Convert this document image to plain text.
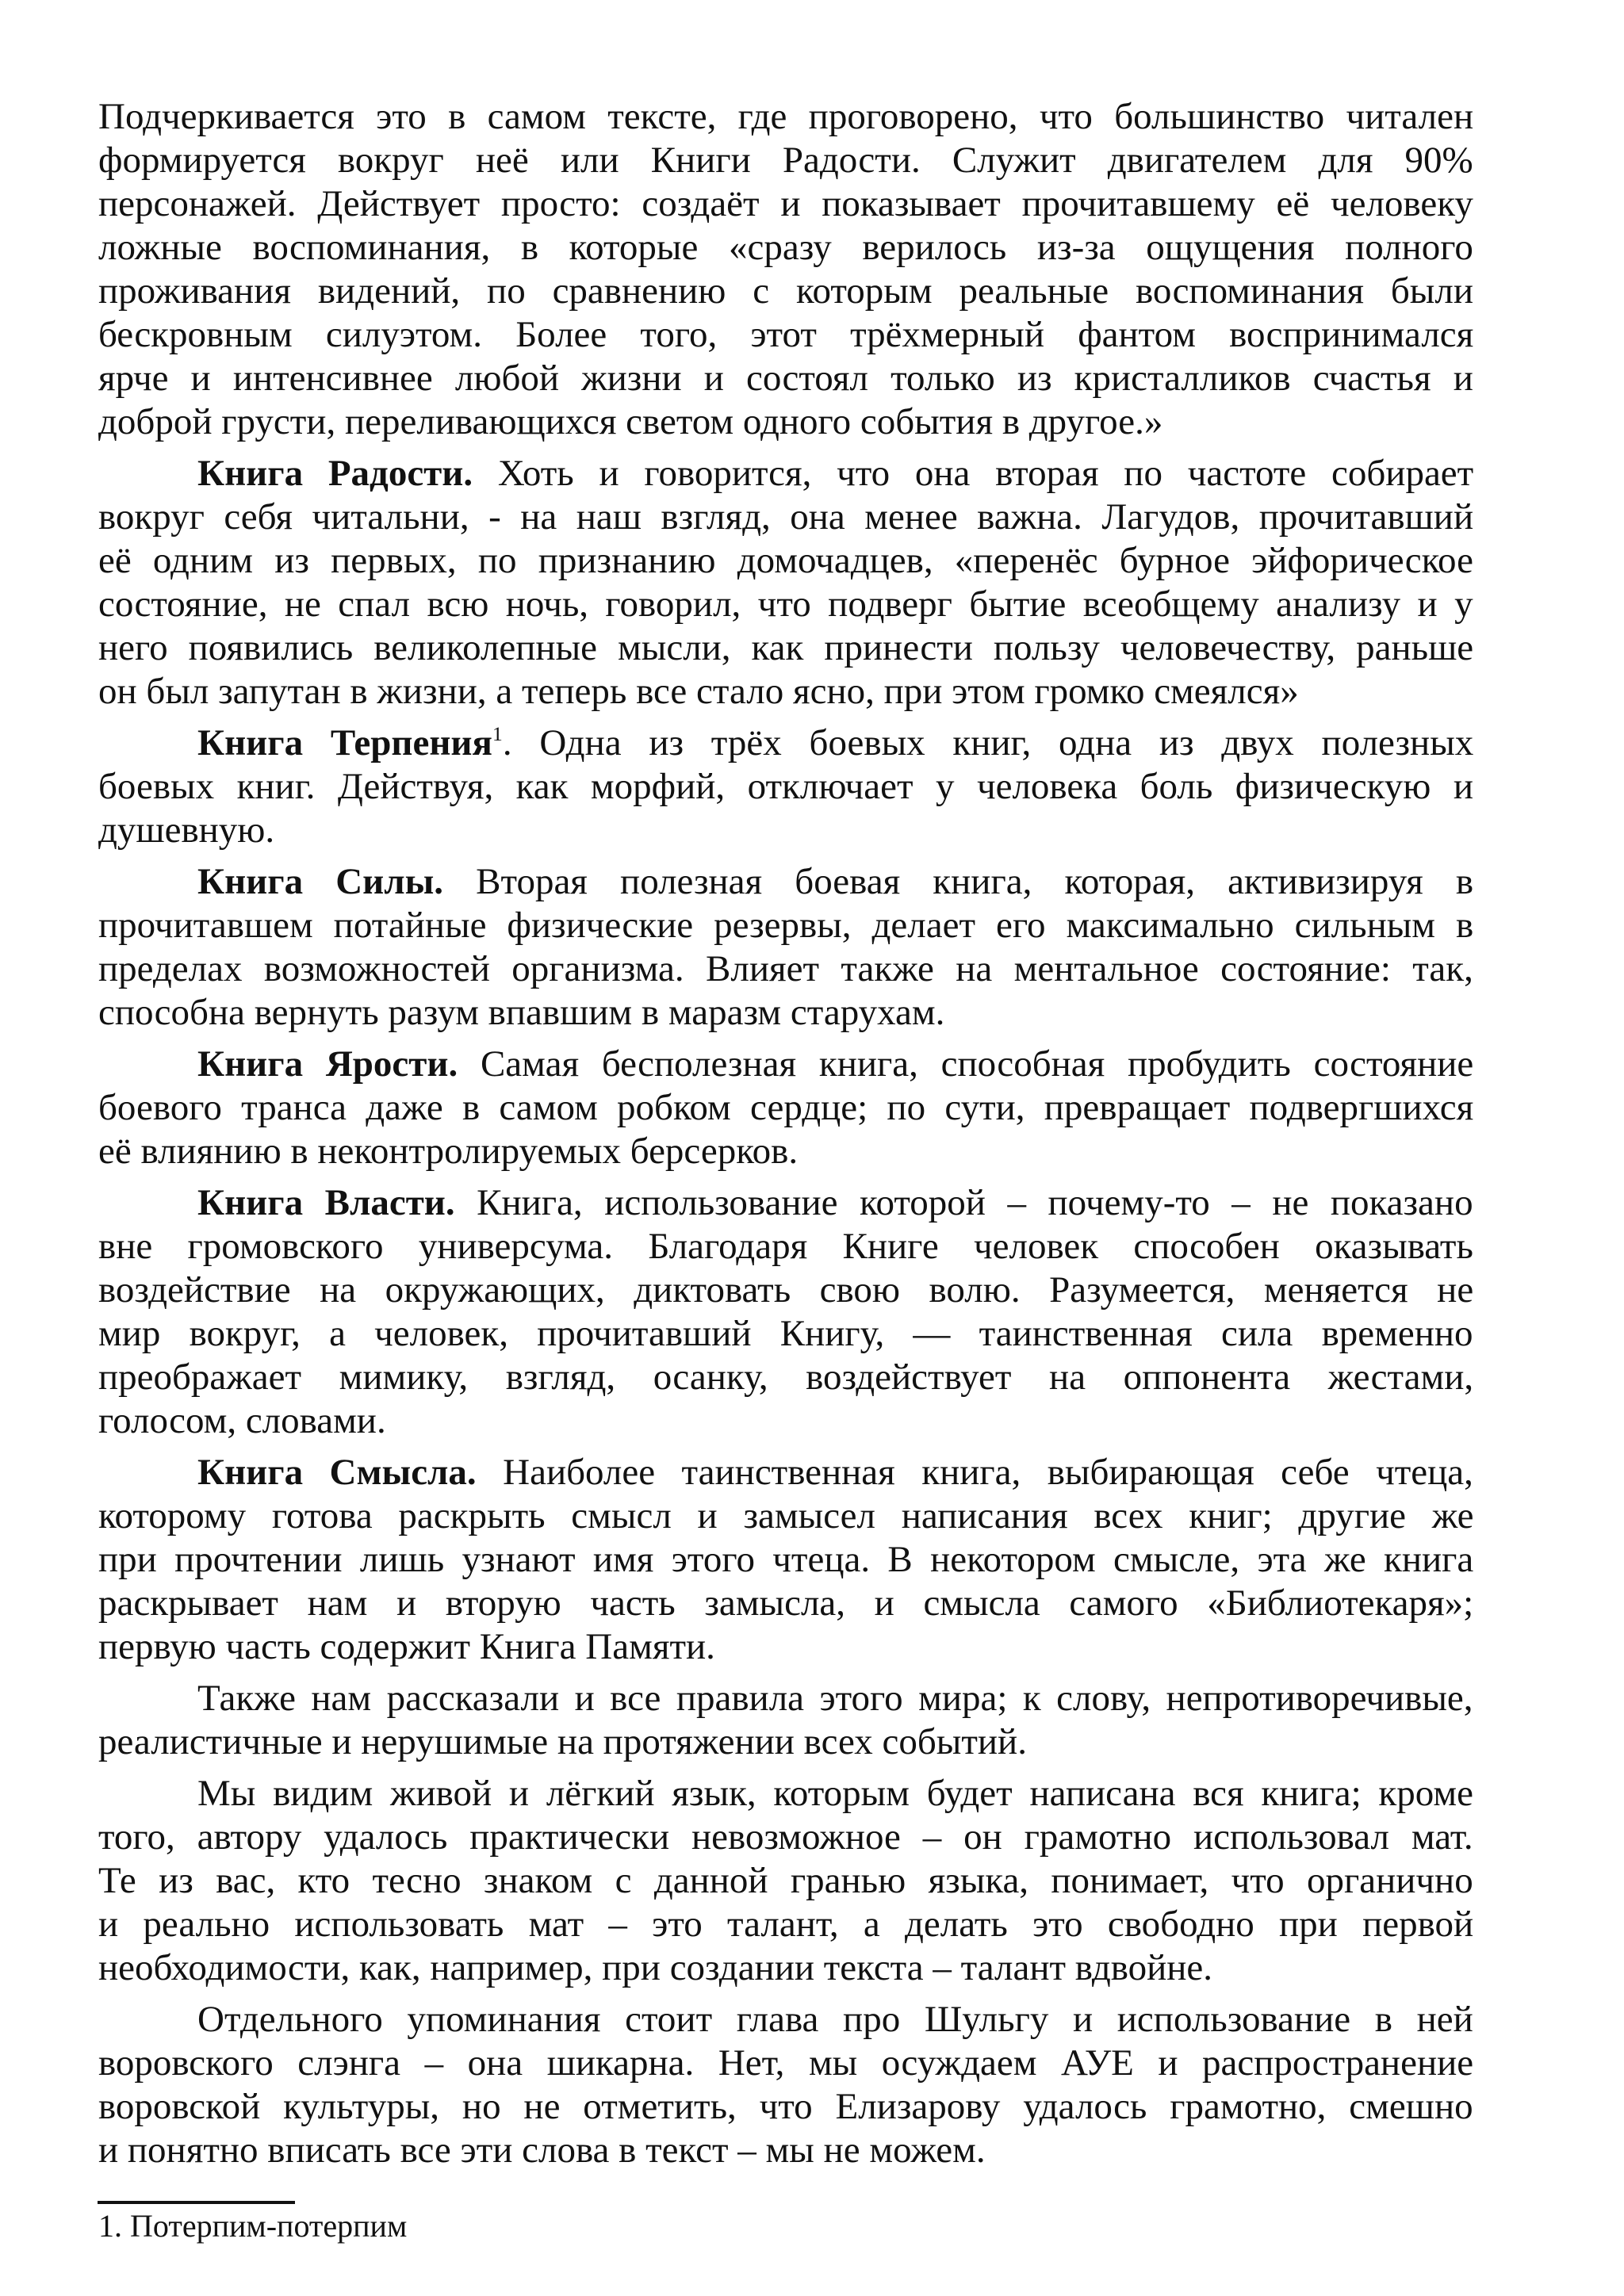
Подчеркивается это в самом тексте, где проговорено, что большинство читален
формируется вокруг неё или Книги Радости. Служит двигателем для 90%
персонажей. Действует просто: создаёт и показывает прочитавшему её человеку
ложные воспоминания, в которые «сразу верилось из-за ощущения полного
проживания видений, по сравнению с которым реальные воспоминания были
бескровным силуэтом. Более того, этот трёхмерный фантом воспринимался
ярче и интенсивнее любой жизни и состоял только из кристалликов счастья и
доброй грусти, переливающихся светом одного события в другое.»
Книга Радости. Хоть и говорится, что она вторая по частоте собирает
вокруг себя читальни, - на наш взгляд, она менее важна. Лагудов, прочитавший
её одним из первых, по признанию домочадцев, «перенёс бурное эйфорическое
состояние, не спал всю ночь, говорил, что подверг бытие всеобщему анализу и у
него появились великолепные мысли, как принести пользу человечеству, раньше
он был запутан в жизни, а теперь все стало ясно, при этом громко смеялся»
Книга Терпения$^1$. Одна из трёх боевых книг, одна из двух полезных
боевых книг. Действуя, как морфий, отключает у человека боль физическую и
душевную.
Книга Силы. Вторая полезная боевая книга, которая, активизируя в
прочитавшем потайные физические резервы, делает его максимально сильным в
пределах возможностей организма. Влияет также на ментальное состояние: так,
способна вернуть разум впавшим в маразм старухам.
Книга Ярости. Самая бесполезная книга, способная пробудить состояние
боевого транса даже в самом робком сердце; по сути, превращает подвергшихся
её влиянию в неконтролируемых берсерков.
Книга Власти. Книга, использование которой – почему-то – не показано
вне громовского универсума. Благодаря Книге человек способен оказывать
воздействие на окружающих, диктовать свою волю. Разумеется, меняется не
мир вокруг, а человек, прочитавший Книгу, — таинственная сила временно
преображает мимику, взгляд, осанку, воздействует на оппонента жестами,
голосом, словами.
Книга Смысла. Наиболее таинственная книга, выбирающая себе чтеца,
которому готова раскрыть смысл и замысел написания всех книг; другие же
при прочтении лишь узнают имя этого чтеца. В некотором смысле, эта же книга
раскрывает нам и вторую часть замысла, и смысла самого «Библиотекаря»;
первую часть содержит Книга Памяти.
Также нам рассказали и все правила этого мира; к слову, непротиворечивые,
реалистичные и нерушимые на протяжении всех событий.
Мы видим живой и лёгкий язык, которым будет написана вся книга; кроме
того, автору удалось практически невозможное – он грамотно использовал мат.
Те из вас, кто тесно знаком с данной гранью языка, понимает, что органично
и реально использовать мат – это талант, а делать это свободно при первой
необходимости, как, например, при создании текста – талант вдвойне.
Отдельного упоминания стоит глава про Шульгу и использование в ней
воровского слэнга – она шикарна. Нет, мы осуждаем АУЕ и распространение
воровской культуры, но не отметить, что Елизарову удалось грамотно, смешно
и понятно вписать все эти слова в текст – мы не можем.
1. Потерпим-потерпим
